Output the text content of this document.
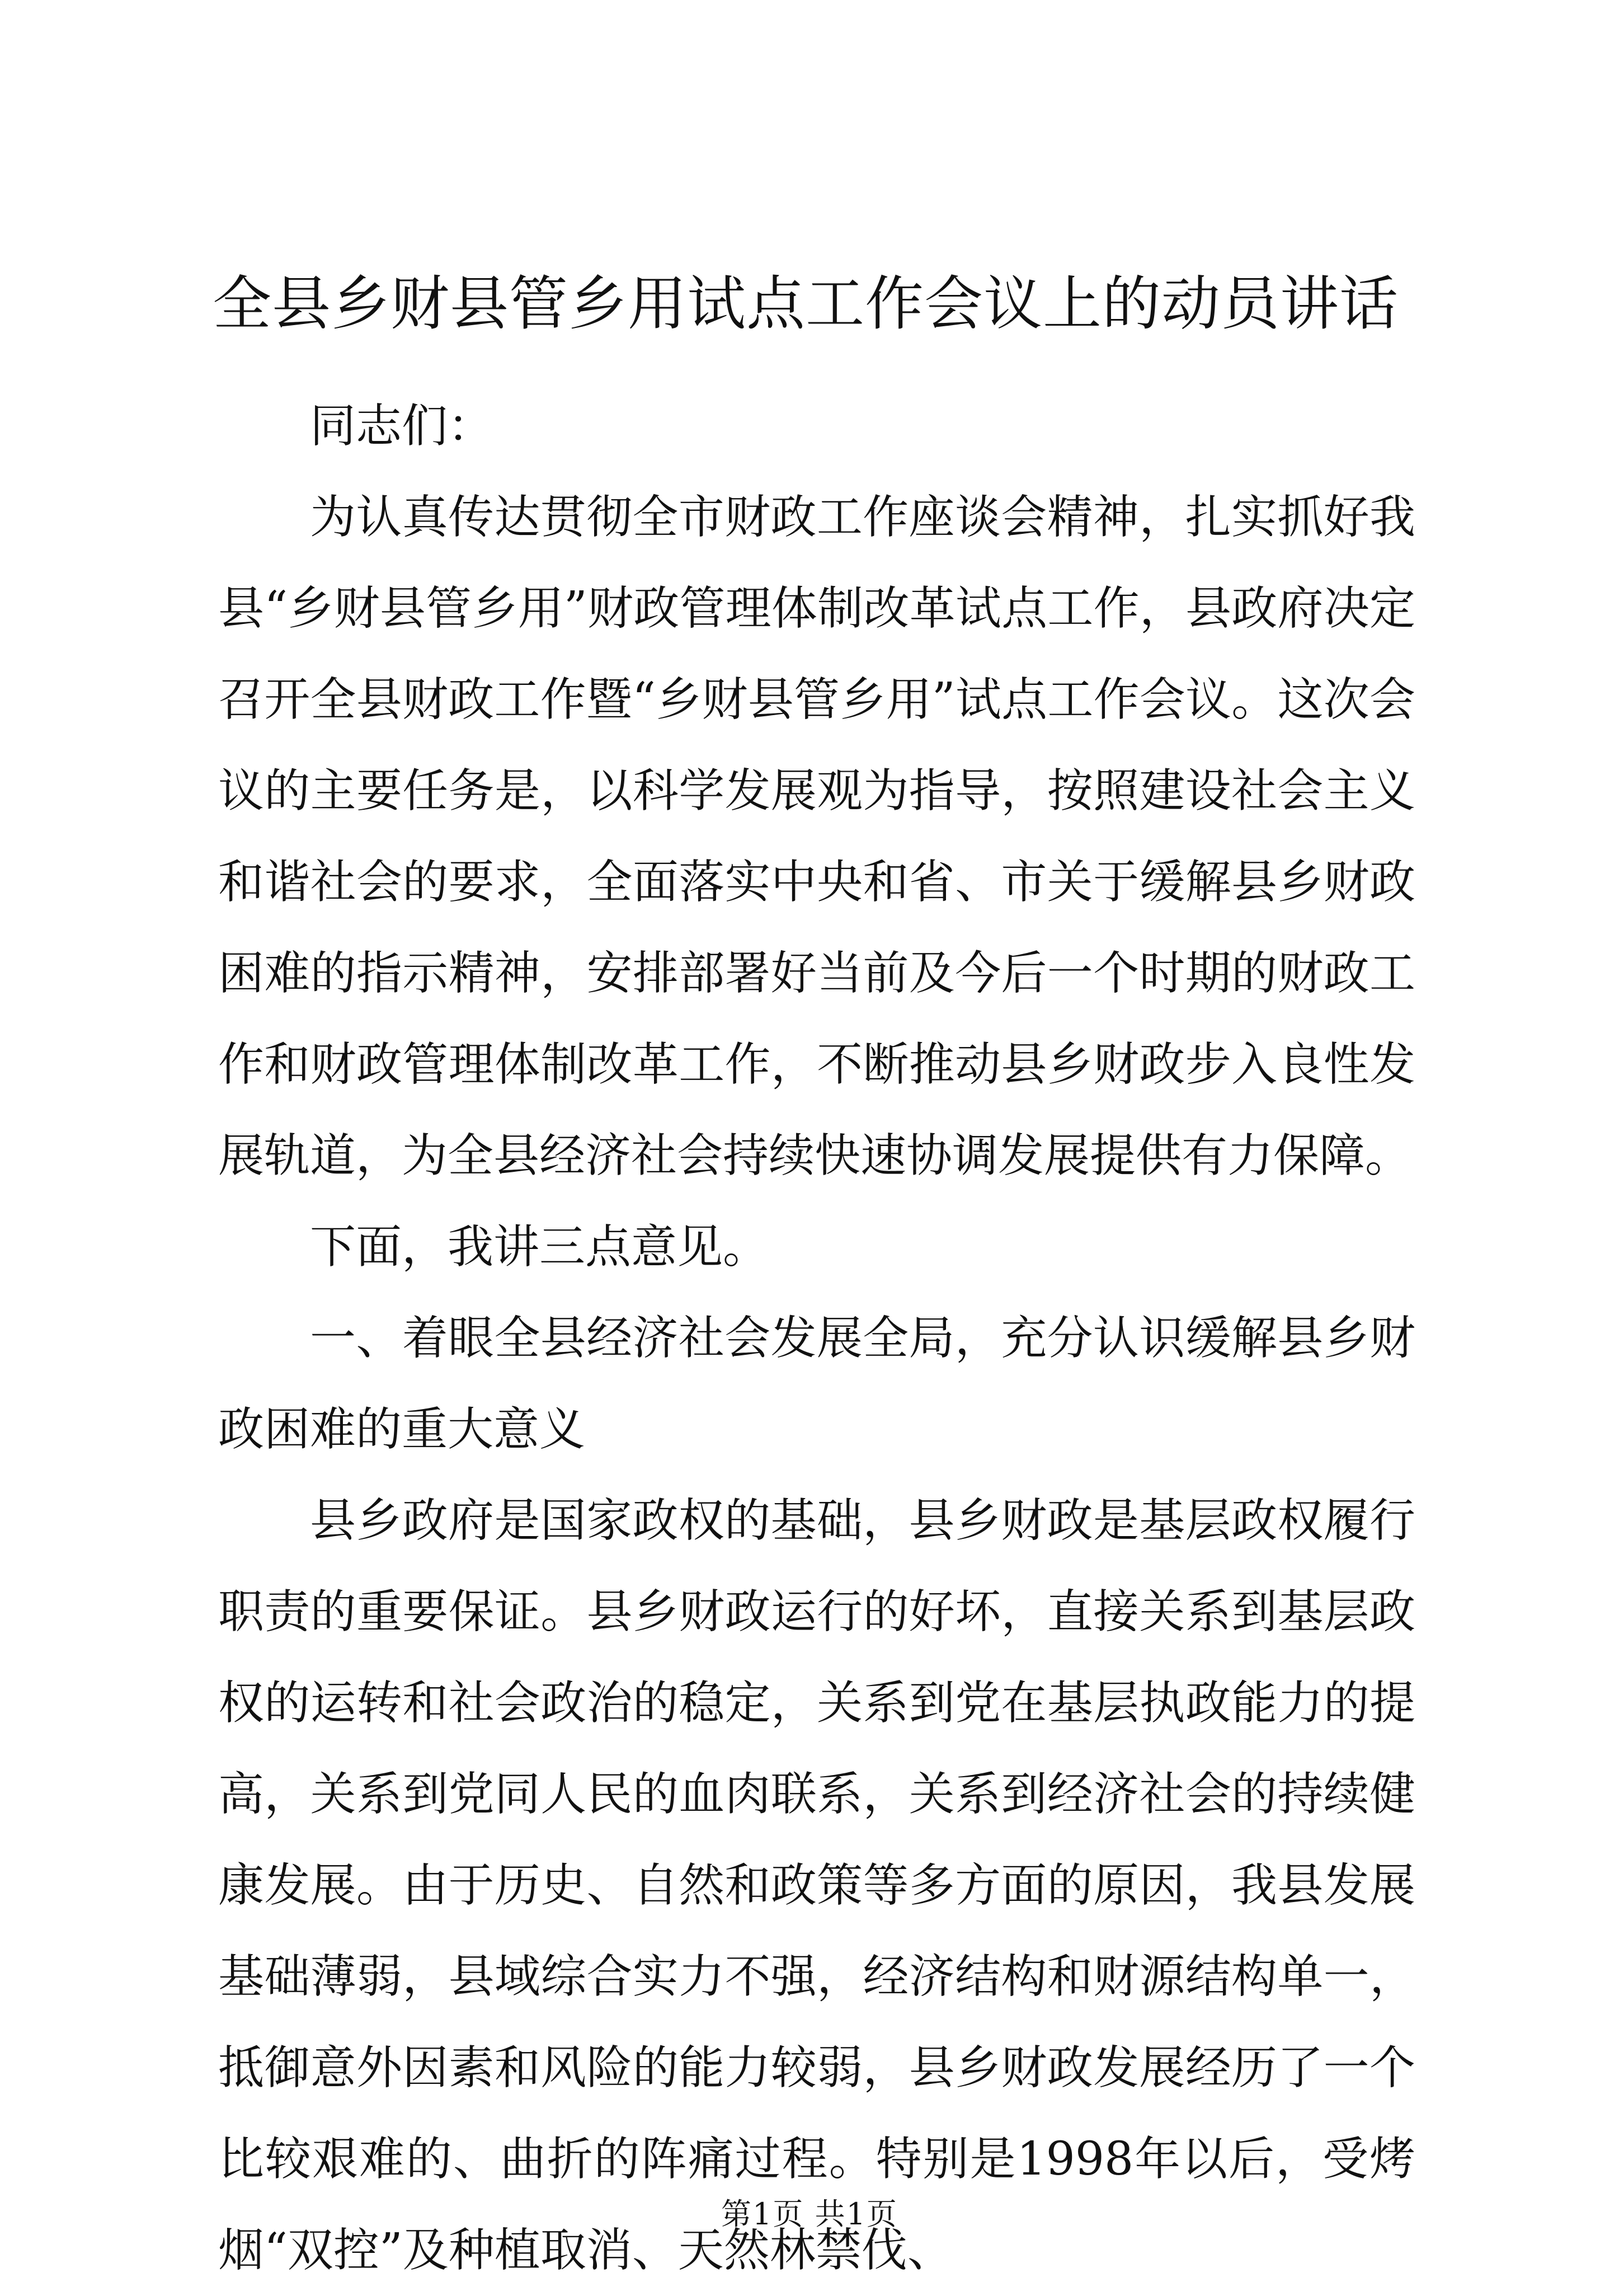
全县乡财县管乡用试点工作会议上的动员讲话

同志们：

为认真传达贯彻全市财政工作座谈会精神，扎实抓好我县“乡财县管乡用”财政管理体制改革试点工作，县政府决定召开全县财政工作暨“乡财县管乡用”试点工作会议。这次会议的主要任务是，以科学发展观为指导，按照建设社会主义和谐社会的要求，全面落实中央和省、市关于缓解县乡财政困难的指示精神，安排部署好当前及今后一个时期的财政工作和财政管理体制改革工作，不断推动县乡财政步入良性发展轨道，为全县经济社会持续快速协调发展提供有力保障。

下面，我讲三点意见。

一、着眼全县经济社会发展全局，充分认识缓解县乡财政困难的重大意义

县乡政府是国家政权的基础，县乡财政是基层政权履行职责的重要保证。县乡财政运行的好坏，直接关系到基层政权的运转和社会政治的稳定，关系到党在基层执政能力的提高，关系到党同人民的血肉联系，关系到经济社会的持续健康发展。由于历史、自然和政策等多方面的原因，我县发展基础薄弱，县域综合实力不强，经济结构和财源结构单一，抵御意外因素和风险的能力较弱，县乡财政发展经历了一个比较艰难的、曲折的阵痛过程。特别是1998年以后，受烤烟“双控”及种植取消、天然林禁伐、

第1页 共1页
